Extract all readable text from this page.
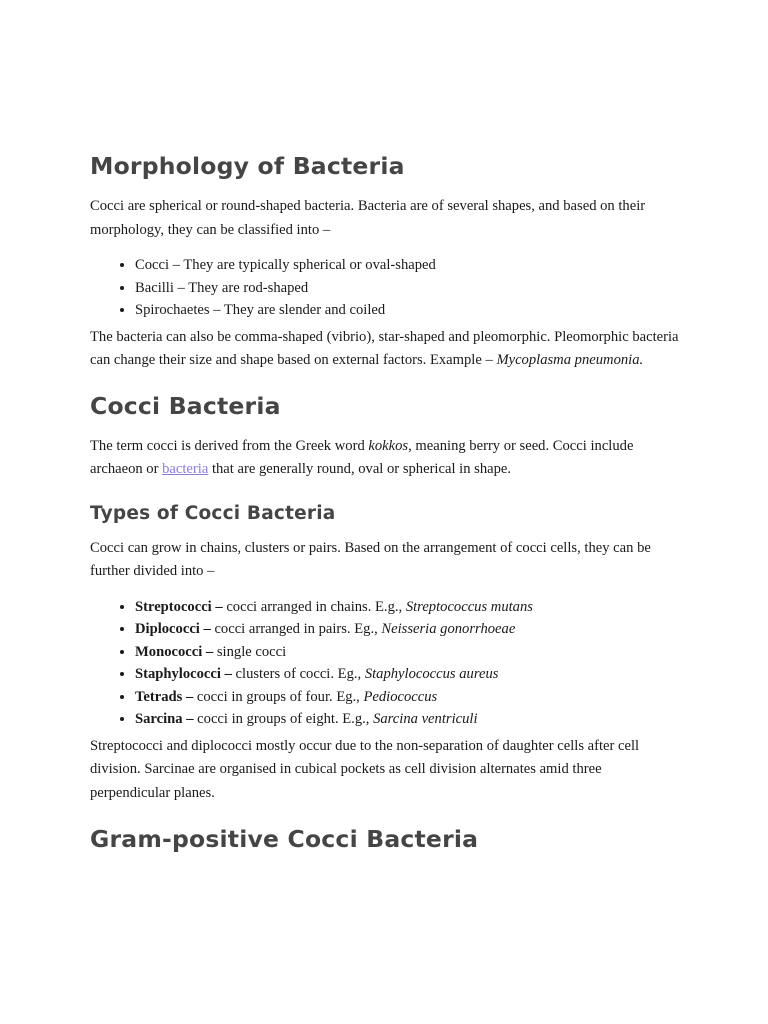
Morphology of Bacteria

Cocci are spherical or round-shaped bacteria. Bacteria are of several shapes, and based on their morphology, they can be classified into –

• Cocci – They are typically spherical or oval-shaped
• Bacilli – They are rod-shaped
• Spirochaetes – They are slender and coiled

The bacteria can also be comma-shaped (vibrio), star-shaped and pleomorphic. Pleomorphic bacteria can change their size and shape based on external factors. Example – Mycoplasma pneumonia.

Cocci Bacteria

The term cocci is derived from the Greek word kokkos, meaning berry or seed. Cocci include archaeon or bacteria that are generally round, oval or spherical in shape.

Types of Cocci Bacteria

Cocci can grow in chains, clusters or pairs. Based on the arrangement of cocci cells, they can be further divided into –

• Streptococci – cocci arranged in chains. E.g., Streptococcus mutans
• Diplococci – cocci arranged in pairs. Eg., Neisseria gonorrhoeae
• Monococci – single cocci
• Staphylococci – clusters of cocci. Eg., Staphylococcus aureus
• Tetrads – cocci in groups of four. Eg., Pediococcus
• Sarcina – cocci in groups of eight. E.g., Sarcina ventriculi

Streptococci and diplococci mostly occur due to the non-separation of daughter cells after cell division. Sarcinae are organised in cubical pockets as cell division alternates amid three perpendicular planes.

Gram-positive Cocci Bacteria
